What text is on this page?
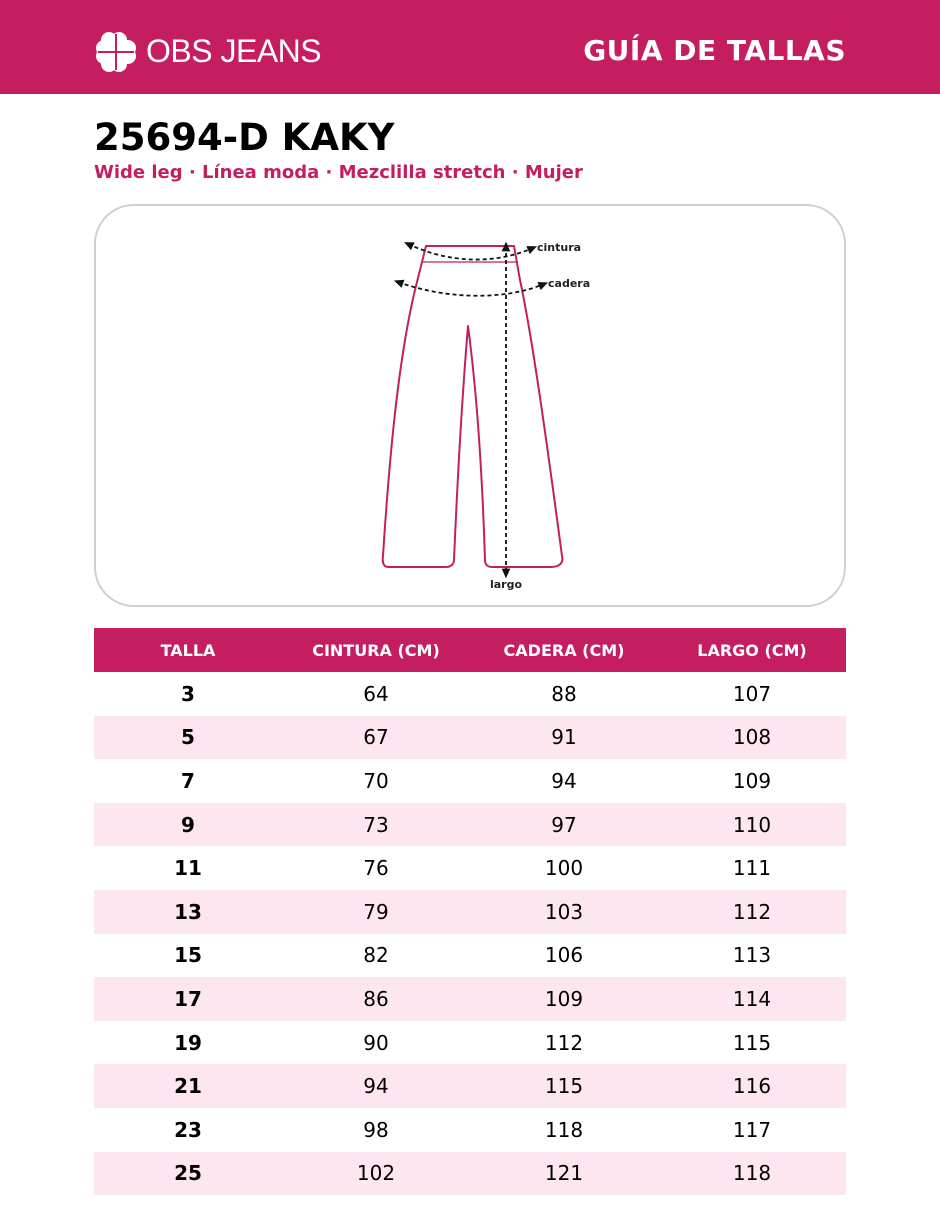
OBS JEANS	GUÍA DE TALLAS
25694-D KAKY
Wide leg · Línea moda · Mezclilla stretch · Mujer
cintura
cadera
largo
TALLA	CINTURA (CM)	CADERA (CM)	LARGO (CM)
3	64	88	107
5	67	91	108
7	70	94	109
9	73	97	110
11	76	100	111
13	79	103	112
15	82	106	113
17	86	109	114
19	90	112	115
21	94	115	116
23	98	118	117
25	102	121	118
